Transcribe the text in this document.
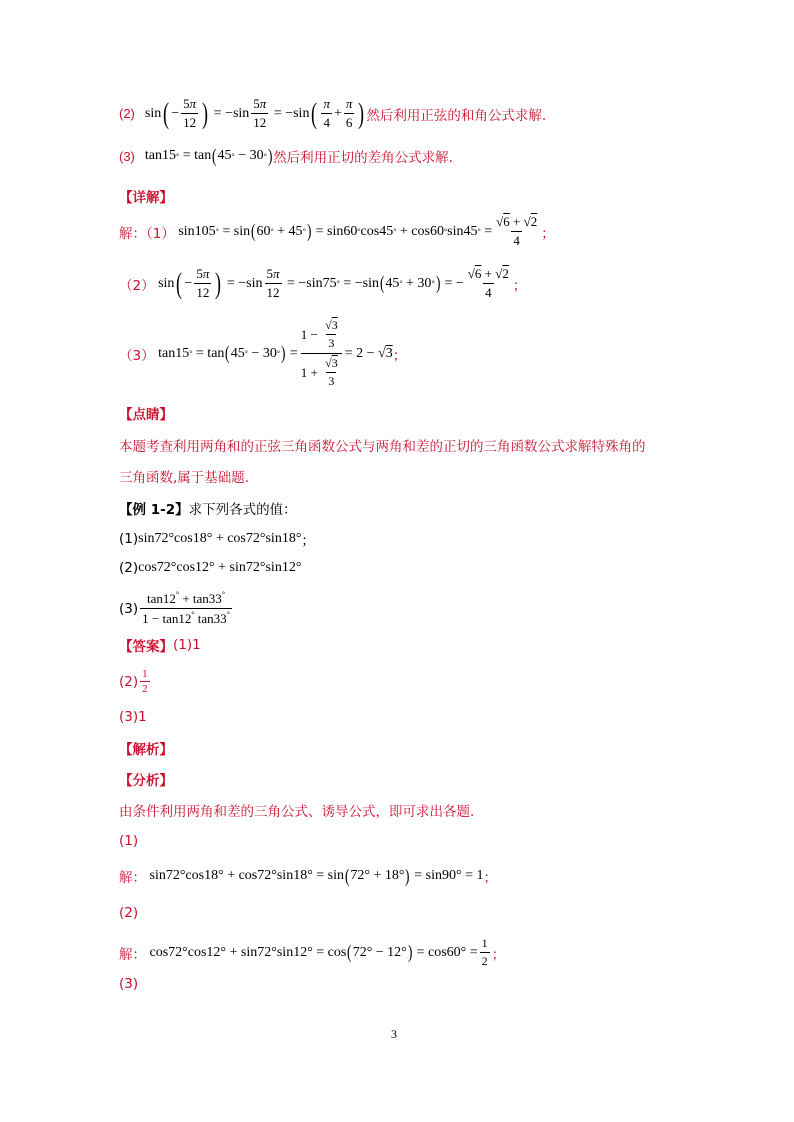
(2) sin ( − $\frac{5\pi}{12}$ ) = $-\sin \frac{5\pi}{12} = -\sin$ ( $\frac{\pi}{4} + \frac{\pi}{6}$ ) 然后利用正弦的和角公式求解.
(3) tan15 ° = tan ( 45 ° − 30 ° ) 然后利用正切的差角公式求解.
【详解】
解：（1） sin105 ° = sin ( 60 ° + 45 ° ) = sin60 ° cos45 ° + cos60 ° sin45 ° = $\frac{√6 + √2}{4}$ ；
（2） sin ( − $\frac{5\pi}{12}$ ) = $-\sin \frac{5\pi}{12} = -\sin 75$ ° = −sin ( 45 ° + 30 ° ) = − $\frac{√6 + √2}{4}$ ；
（3） tan15 ° = tan ( 45 ° − 30 ° ) =
$1 - \frac{√3}{3}$
$1 + \frac{√3}{3}$
= 2 − √ 3 ；
【点睛】
本题考查利用两角和的正弦三角函数公式与两角和差的正切的三角函数公式求解特殊角的
三角函数,属于基础题.
【例 1-2】 求下列各式的值：
(1) sin72°cos18° + cos72°sin18° ；
(2) cos72°cos12° + sin72°sin12°
$(3) \frac{\tan 12^\circ + \tan 33^\circ}{1 - \tan 12^\circ \tan 33^\circ}$
【答案】 (1)1
$(2) \frac{1}{2}$
(3)1
【解析】
【分析】
由条件利用两角和差的三角公式、诱导公式，即可求出各题.
(1)
解： sin72°cos18° + cos72°sin18° = sin ( 72° + 18° ) = sin90° = 1 ；
(2)
解： cos72°cos12° + sin72°sin12° = cos ( 72° − 12° ) = $\cos 60^\circ = \frac{1}{2}$ ；
(3)
3
